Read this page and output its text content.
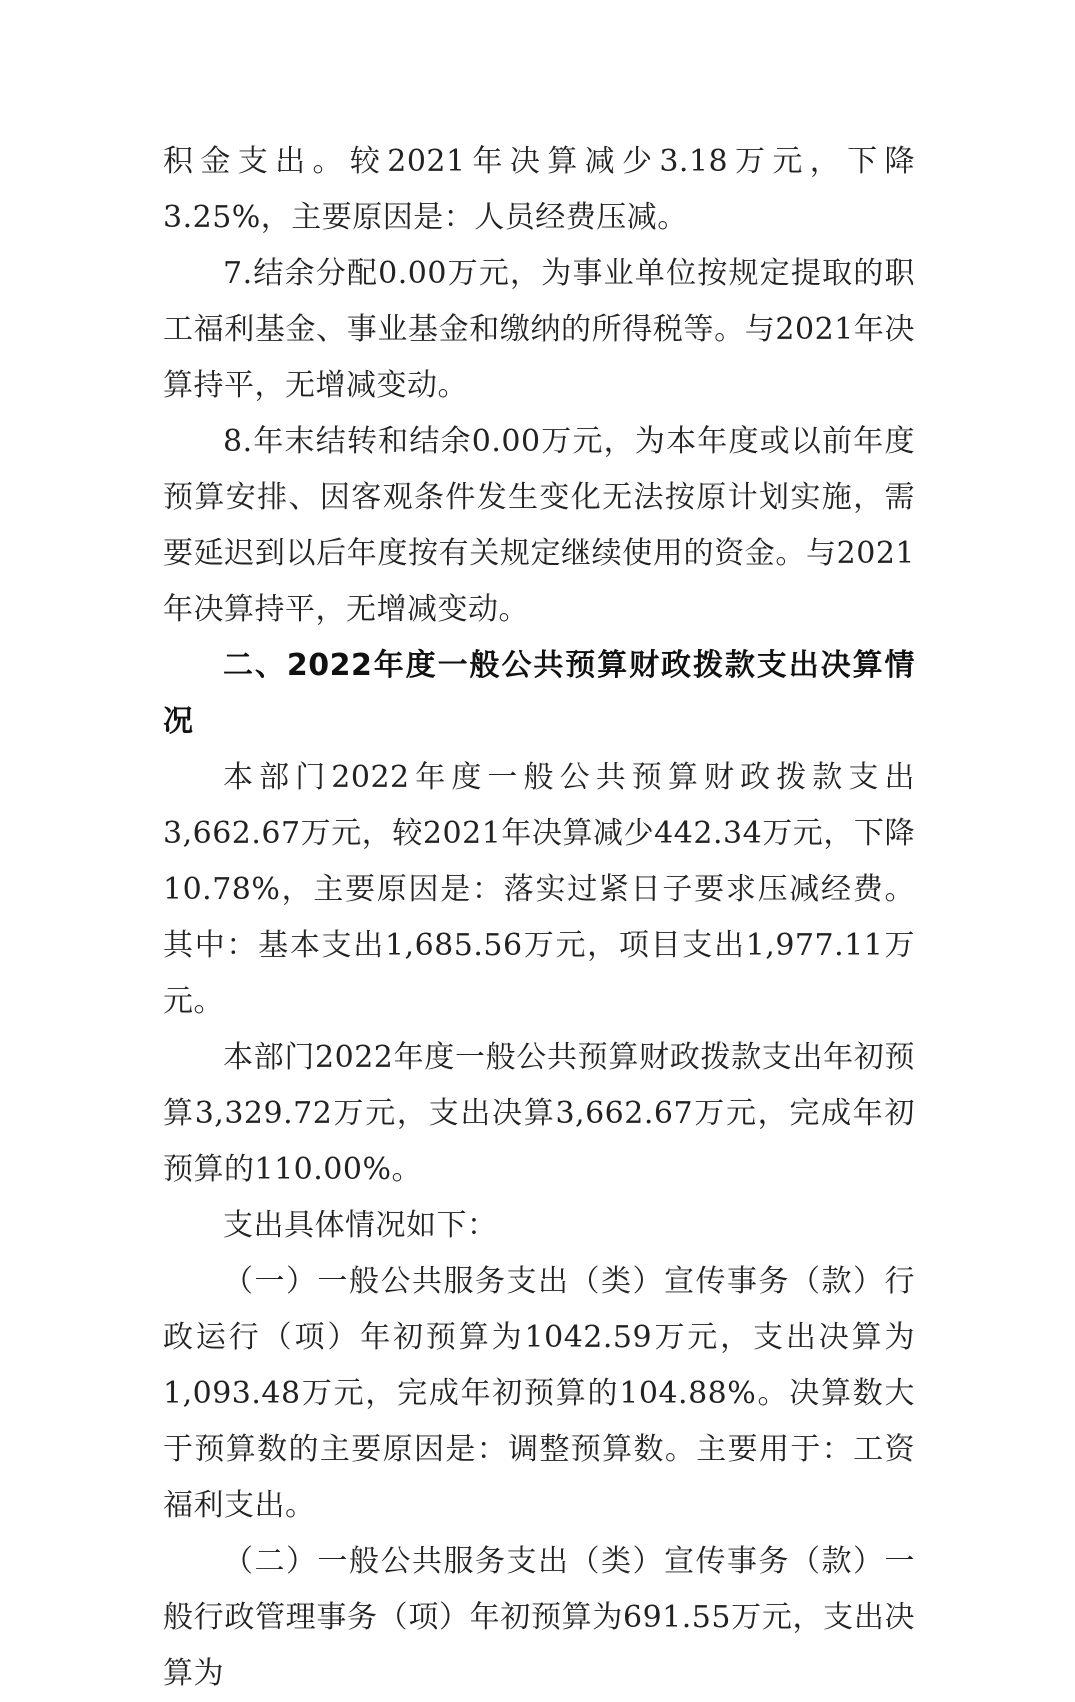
积金支出。较2021年决算减少3.18万元，下降3.25%，主要原因是：人员经费压减。

7.结余分配0.00万元，为事业单位按规定提取的职工福利基金、事业基金和缴纳的所得税等。与2021年决算持平，无增减变动。

8.年末结转和结余0.00万元，为本年度或以前年度预算安排、因客观条件发生变化无法按原计划实施，需要延迟到以后年度按有关规定继续使用的资金。与2021年决算持平，无增减变动。

二、2022年度一般公共预算财政拨款支出决算情况

本部门2022年度一般公共预算财政拨款支出3,662.67万元，较2021年决算减少442.34万元，下降10.78%，主要原因是：落实过紧日子要求压减经费。其中：基本支出1,685.56万元，项目支出1,977.11万元。

本部门2022年度一般公共预算财政拨款支出年初预算3,329.72万元，支出决算3,662.67万元，完成年初预算的110.00%。

支出具体情况如下：

（一）一般公共服务支出（类）宣传事务（款）行政运行（项）年初预算为1042.59万元，支出决算为1,093.48万元，完成年初预算的104.88%。决算数大于预算数的主要原因是：调整预算数。主要用于：工资福利支出。

（二）一般公共服务支出（类）宣传事务（款）一般行政管理事务（项）年初预算为691.55万元，支出决算为
